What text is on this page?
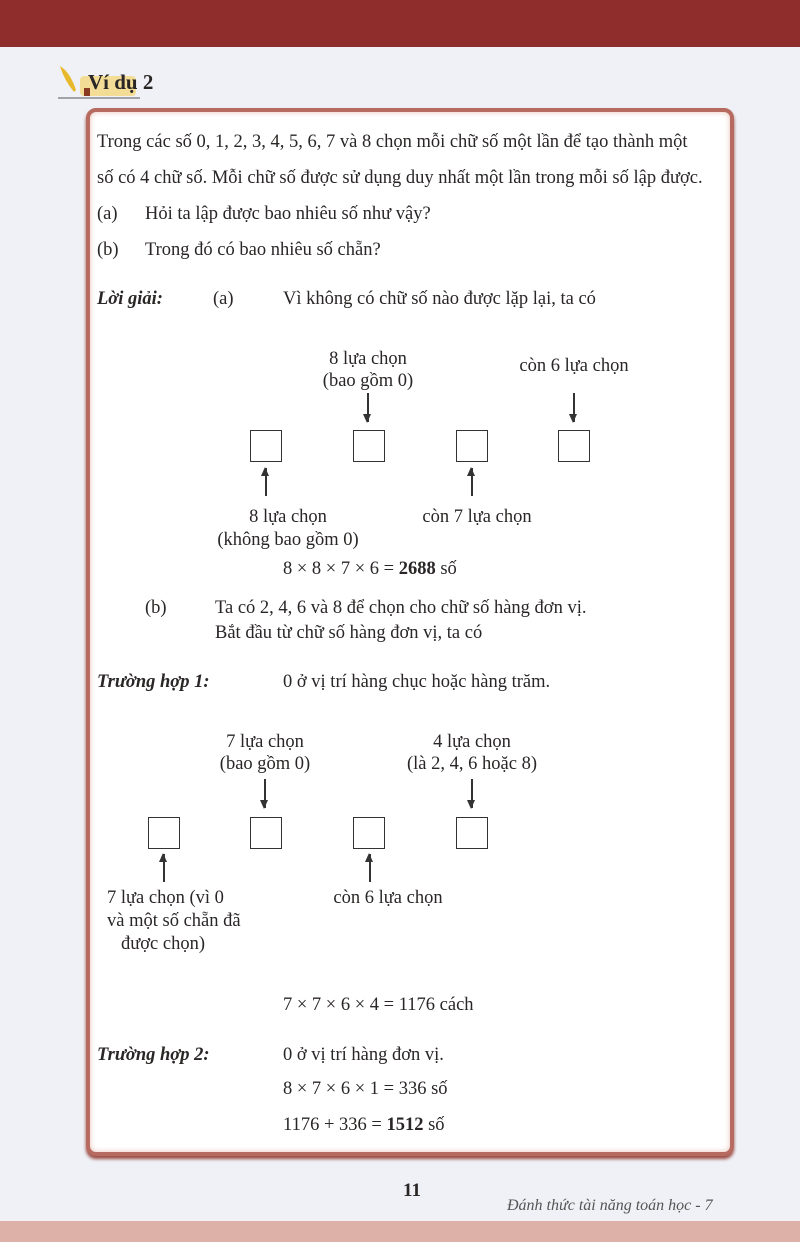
Ví dụ 2
Trong các số 0, 1, 2, 3, 4, 5, 6, 7 và 8 chọn mỗi chữ số một lần để tạo thành một
số có 4 chữ số. Mỗi chữ số được sử dụng duy nhất một lần trong mỗi số lập được.
(a) Hỏi ta lập được bao nhiêu số như vậy?
(b) Trong đó có bao nhiêu số chẵn?
Lời giải:	(a)	Vì không có chữ số nào được lặp lại, ta có
8 lựa chọn
(bao gồm 0)
còn 6 lựa chọn
8 lựa chọn
(không bao gồm 0)
còn 7 lựa chọn
8 × 8 × 7 × 6 = 2688 số
(b)	Ta có 2, 4, 6 và 8 để chọn cho chữ số hàng đơn vị.
Bắt đầu từ chữ số hàng đơn vị, ta có
Trường hợp 1:	0 ở vị trí hàng chục hoặc hàng trăm.
7 lựa chọn
(bao gồm 0)
4 lựa chọn
(là 2, 4, 6 hoặc 8)
7 lựa chọn (vì 0
và một số chẵn đã
được chọn)
còn 6 lựa chọn
7 × 7 × 6 × 4 = 1176 cách
Trường hợp 2:	0 ở vị trí hàng đơn vị.
8 × 7 × 6 × 1 = 336 số
1176 + 336 = 1512 số
11
Đánh thức tài năng toán học - 7
